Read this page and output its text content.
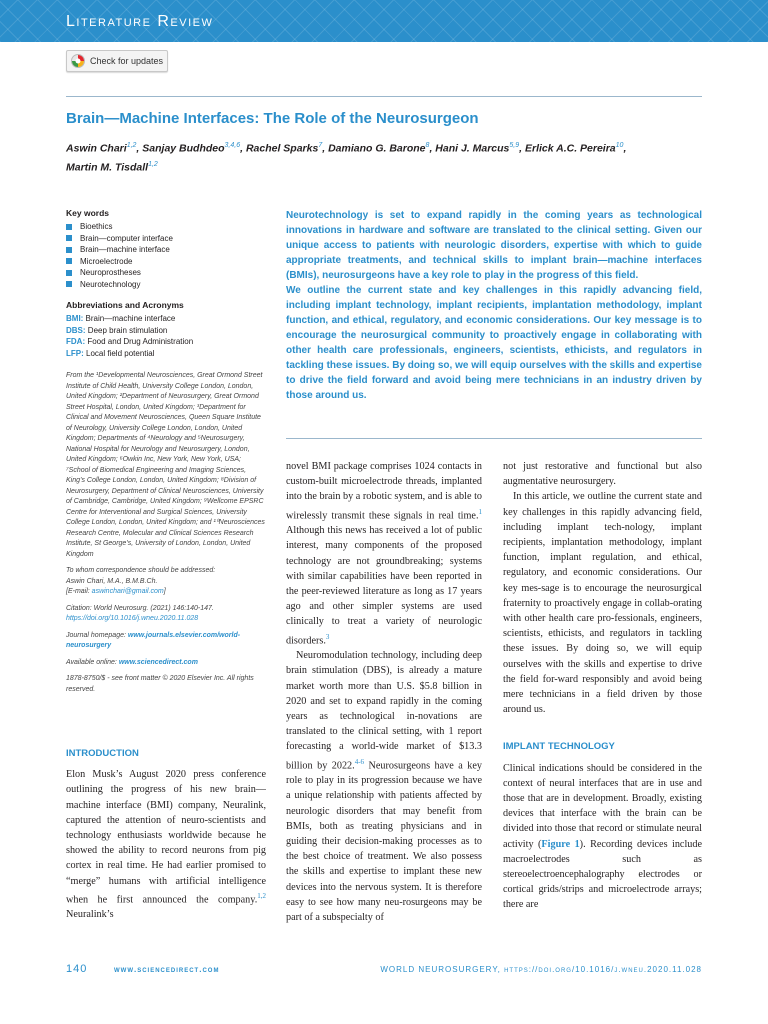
Literature Review
Check for updates
Brain—Machine Interfaces: The Role of the Neurosurgeon
Aswin Chari$^{1,2}$, Sanjay Budhdeo$^{3,4,6}$, Rachel Sparks$^7$, Damiano G. Barone$^8$, Hani J. Marcus$^{5,9}$, Erlick A.C. Pereira$^{10}$,
Martin M. Tisdall$^{1,2}$
Key words
Bioethics
Brain—computer interface
Brain—machine interface
Microelectrode
Neuroprostheses
Neurotechnology
Abbreviations and Acronyms
BMI: Brain—machine interface
DBS: Deep brain stimulation
FDA: Food and Drug Administration
LFP: Local field potential

From the ¹Developmental Neurosciences, Great Ormond Street Institute of Child Health, University College London, London, United Kingdom; ²Department of Neurosurgery, Great Ormond Street Hospital, London, United Kingdom; ³Department for Clinical and Movement Neurosciences, Queen Square Institute of Neurology, University College London, London, United Kingdom; Departments of ⁴Neurology and ⁵Neurosurgery, National Hospital for Neurology and Neurosurgery, London, United Kingdom; ⁶Owkin Inc, New York, New York, USA; ⁷School of Biomedical Engineering and Imaging Sciences, King’s College London, London, United Kingdom; ⁸Division of Neurosurgery, Department of Clinical Neurosciences, University of Cambridge, Cambridge, United Kingdom; ⁹Wellcome EPSRC Centre for Interventional and Surgical Sciences, University College London, London, United Kingdom; and ¹⁰Neurosciences Research Centre, Molecular and Clinical Sciences Research Institute, St George’s, University of London, London, United Kingdom

To whom correspondence should be addressed:
Aswin Chari, M.A., B.M.B.Ch.
[E-mail: aswinchari@gmail.com]

Citation: World Neurosurg. (2021) 146:140-147.
https://doi.org/10.1016/j.wneu.2020.11.028

Journal homepage: www.journals.elsevier.com/world-neurosurgery

Available online: www.sciencedirect.com

1878-8750/$ - see front matter © 2020 Elsevier Inc. All rights reserved.

Neurotechnology is set to expand rapidly in the coming years as technological innovations in hardware and software are translated to the clinical setting. Given our unique access to patients with neurologic disorders, expertise with which to guide appropriate treatments, and technical skills to implant brain—machine interfaces (BMIs), neurosurgeons have a key role to play in the progress of this field.

We outline the current state and key challenges in this rapidly advancing field, including implant technology, implant recipients, implantation methodology, implant function, and ethical, regulatory, and economic considerations. Our key message is to encourage the neurosurgical community to proactively engage in collaborating with other health care professionals, engineers, scientists, ethicists, and regulators in tackling these issues. By doing so, we will equip ourselves with the skills and expertise to drive the field forward and avoid being mere technicians in an industry driven by those around us.

INTRODUCTION

Elon Musk’s August 2020 press conference outlining the progress of his new brain—machine interface (BMI) company, Neuralink, captured the attention of neuro-scientists and technology enthusiasts worldwide because he showed the ability to record neurons from pig cortex in real time. He had earlier promised to “merge” humans with artificial intelligence when he first announced the company.$^{1,2}$ Neuralink’s

novel BMI package comprises 1024 contacts in custom-built microelectrode threads, implanted into the brain by a robotic system, and is able to wirelessly transmit these signals in real time.$^1$ Although this news has received a lot of public interest, many components of the proposed technology are not groundbreaking; systems with similar capabilities have been reported in the peer-reviewed literature as long as 17 years ago and other simpler systems are used clinically to treat a variety of neurologic disorders.$^3$

Neuromodulation technology, including deep brain stimulation (DBS), is already a mature market worth more than U.S. $5.8 billion in 2020 and set to expand rapidly in the coming years as technological in-novations are translated to the clinical setting, with 1 report forecasting a world-wide market of $13.3 billion by 2022.$^{4-6}$ Neurosurgeons have a key role to play in its progression because we have a unique relationship with patients affected by neurologic disorders that may benefit from BMIs, both as treating physicians and in guiding their decision-making processes as to the best choice of treatment. We also possess the skills and expertise to implant these new devices into the nervous system. It is therefore easy to see how many neu-rosurgeons may be part of a subspecialty of

not just restorative and functional but also augmentative neurosurgery.

In this article, we outline the current state and key challenges in this rapidly advancing field, including implant tech-nology, implant recipients, implantation methodology, implant function, implant regulation, and ethical, regulatory, and economic considerations. Our key mes-sage is to encourage the neurosurgical fraternity to proactively engage in collab-orating with other health care pro-fessionals, engineers, scientists, ethicists, and regulators in tackling these issues. By doing so, we will equip ourselves with the skills and expertise to drive the field for-ward responsibly and avoid being mere technicians in a field driven by those around us.

IMPLANT TECHNOLOGY

Clinical indications should be considered in the context of neural interfaces that are in use and those that are in development. Broadly, existing devices that interface with the brain can be divided into those that record or stimulate neural activity (Figure 1). Recording devices include macroelectrodes such as stereoelectroencephalography electrodes or cortical grids/strips and microelectrode arrays; there are

140	www.sciencedirect.com	WORLD NEUROSURGERY, https://doi.org/10.1016/j.wneu.2020.11.028
